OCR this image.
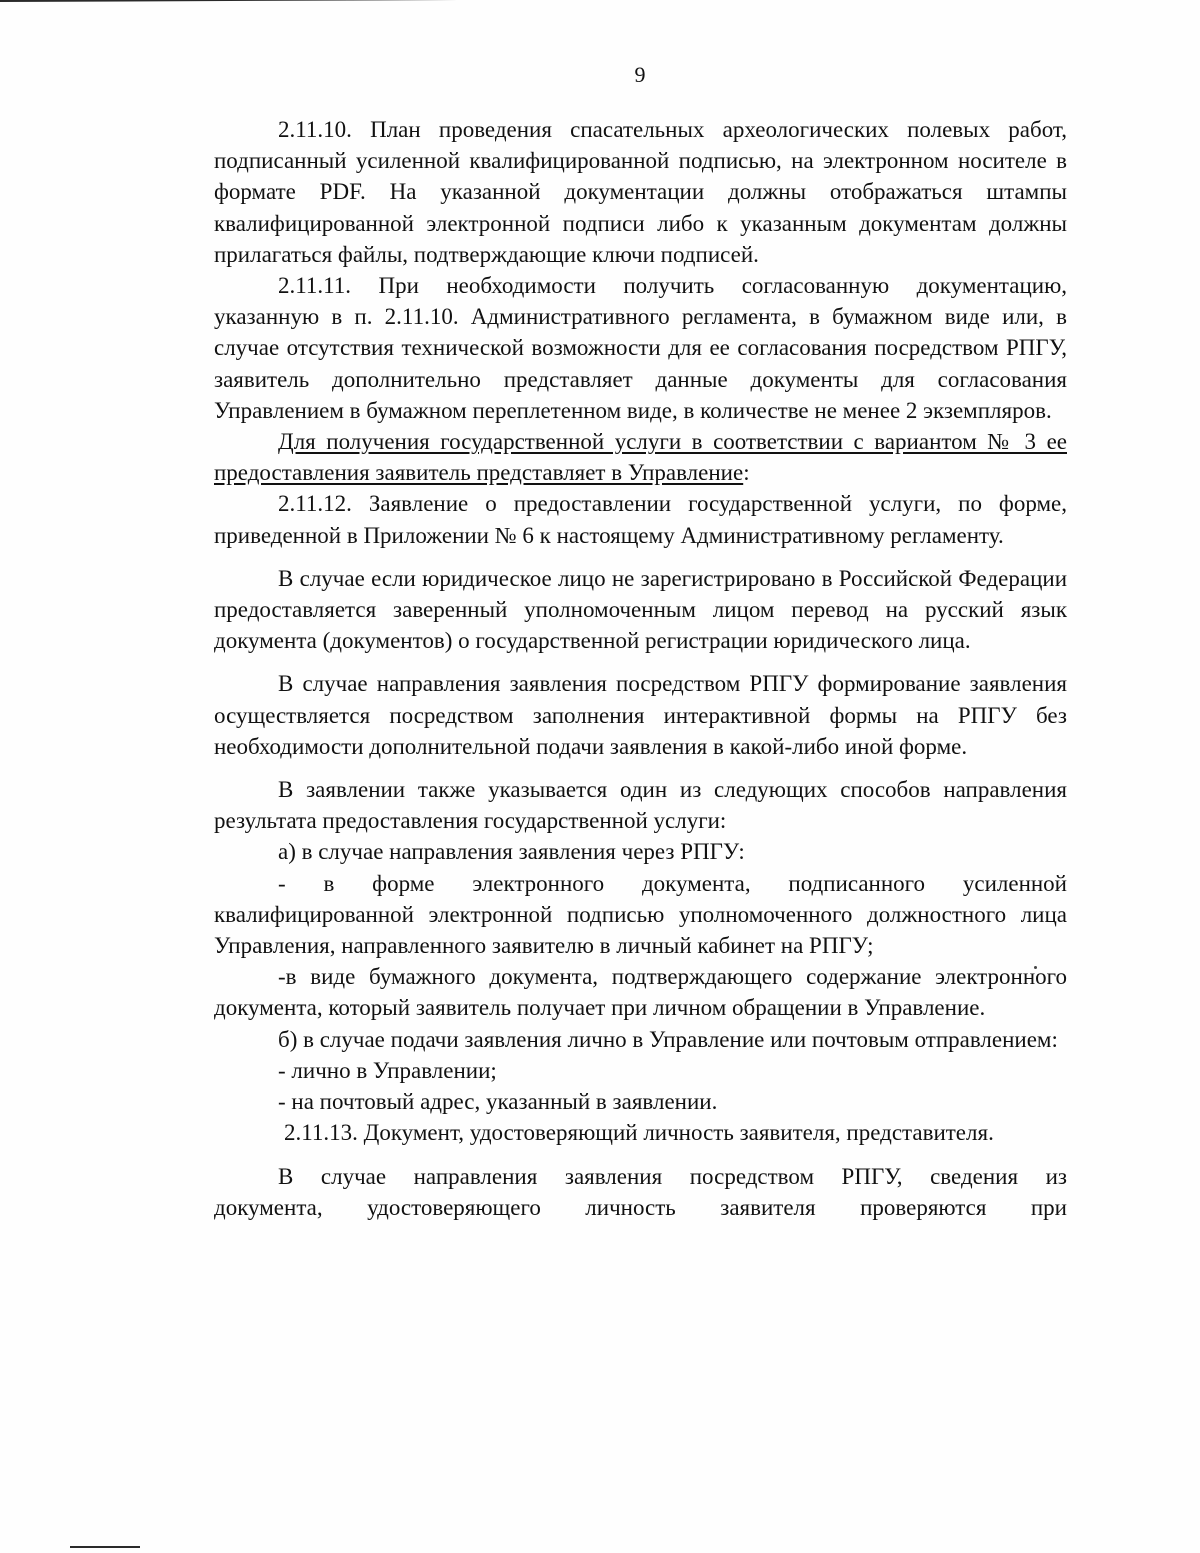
9

2.11.10. План проведения спасательных археологических полевых работ, подписанный усиленной квалифицированной подписью, на электронном носителе в формате PDF. На указанной документации должны отображаться штампы квалифицированной электронной подписи либо к указанным документам должны прилагаться файлы, подтверждающие ключи подписей.

2.11.11. При необходимости получить согласованную документацию, указанную в п. 2.11.10. Административного регламента, в бумажном виде или, в случае отсутствия технической возможности для ее согласования посредством РПГУ, заявитель дополнительно представляет данные документы для согласования Управлением в бумажном переплетенном виде, в количестве не менее 2 экземпляров.

Для получения государственной услуги в соответствии с вариантом № 3 ее предоставления заявитель представляет в Управление:

2.11.12. Заявление о предоставлении государственной услуги, по форме, приведенной в Приложении № 6 к настоящему Административному регламенту.

В случае если юридическое лицо не зарегистрировано в Российской Федерации предоставляется заверенный уполномоченным лицом перевод на русский язык документа (документов) о государственной регистрации юридического лица.

В случае направления заявления посредством РПГУ формирование заявления осуществляется посредством заполнения интерактивной формы на РПГУ без необходимости дополнительной подачи заявления в какой-либо иной форме.

В заявлении также указывается один из следующих способов направления результата предоставления государственной услуги:

а) в случае направления заявления через РПГУ:

- в форме электронного документа, подписанного усиленной квалифицированной электронной подписью уполномоченного должностного лица Управления, направленного заявителю в личный кабинет на РПГУ;

-в виде бумажного документа, подтверждающего содержание электронного документа, который заявитель получает при личном обращении в Управление.

б) в случае подачи заявления лично в Управление или почтовым отправлением:

- лично в Управлении;

- на почтовый адрес, указанный в заявлении.

2.11.13. Документ, удостоверяющий личность заявителя, представителя.

В случае направления заявления посредством РПГУ, сведения из

документа, удостоверяющего личность заявителя проверяются при
